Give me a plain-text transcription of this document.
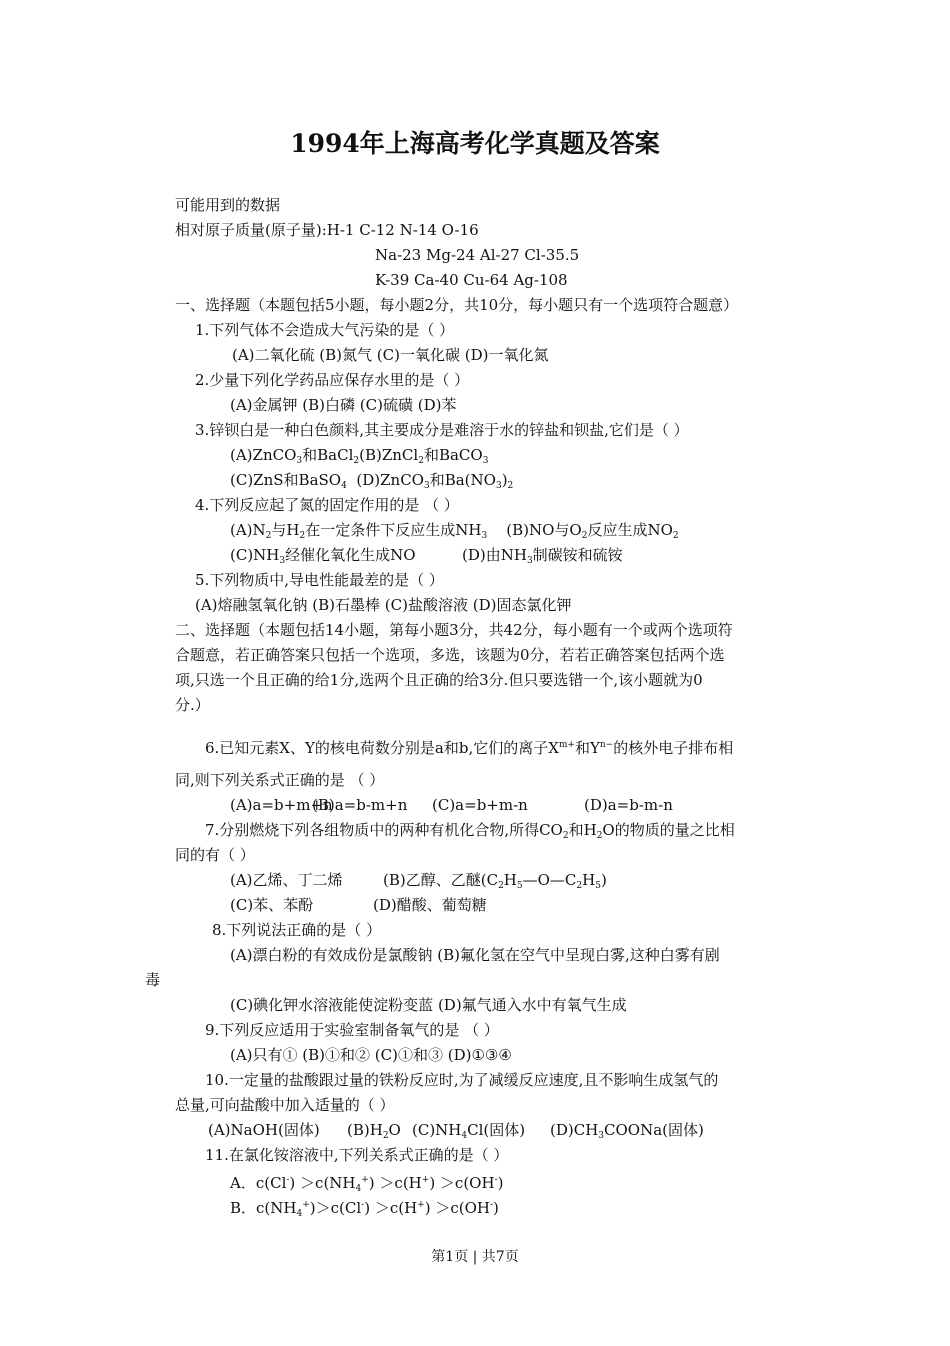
1994年上海高考化学真题及答案
可能用到的数据
相对原子质量(原子量):H-1 C-12 N-14 O-16
Na-23 Mg-24 Al-27 Cl-35.5
K-39 Ca-40 Cu-64 Ag-108
一、选择题（本题包括5小题，每小题2分，共10分，每小题只有一个选项符合题意）
1.下列气体不会造成大气污染的是（ ）
(A)二氧化硫 (B)氮气 (C)一氧化碳 (D)一氧化氮
2.少量下列化学药品应保存水里的是（ ）
(A)金属钾 (B)白磷 (C)硫磺 (D)苯
3.锌钡白是一种白色颜料,其主要成分是难溶于水的锌盐和钡盐,它们是（ ）
(A)ZnCO$_3$和BaCl$_2$(B)ZnCl$_2$和BaCO$_3$
(C)ZnS和BaSO$_4$ (D)ZnCO$_3$和$Ba(NO_3)_2$
4.下列反应起了氮的固定作用的是 （ ）
$(A)N_2$与$H_2$在一定条件下反应生成$NH_3$ (B)NO与$O_2$反应生成$NO_2$
$(C)NH_3$经催化氧化生成NO	(D)由$NH_3$制碳铵和硫铵
5.下列物质中,导电性能最差的是（ ）
(A)熔融氢氧化钠 (B)石墨棒 (C)盐酸溶液 (D)固态氯化钾
二、选择题（本题包括14小题，第每小题3分，共42分，每小题有一个或两个选项符
合题意，若正确答案只包括一个选项，多选，该题为0分，若若正确答案包括两个选
项,只选一个且正确的给1分,选两个且正确的给3分.但只要选错一个,该小题就为0
分.）
6.已知元素X、Y的核电荷数分别是a和b,它们的离子$X^{m+}$和$Y^{n-}$的核外电子排布相
同,则下列关系式正确的是 （ ）
(A)a=b+m+n
(B)a=b-m+n (C)a=b+m-n	(D)a=b-m-n
7.分别燃烧下列各组物质中的两种有机化合物,所得$CO_2$和$H_2O$的物质的量之比相
同的有（ ）
(A)乙烯、丁二烯	(B)乙醇、乙醚$(C_2H_5—O—C_2H_5)$
(C)苯、苯酚	(D)醋酸、葡萄糖
8.下列说法正确的是（ ）
(A)漂白粉的有效成份是氯酸钠 (B)氟化氢在空气中呈现白雾,这种白雾有剧
毒
(C)碘化钾水溶液能使淀粉变蓝 (D)氟气通入水中有氧气生成
9.下列反应适用于实验室制备氧气的是 （ ）
(A)只有① (B)①和② (C)①和③ (D)①③④
10.一定量的盐酸跟过量的铁粉反应时,为了减缓反应速度,且不影响生成氢气的
总量,可向盐酸中加入适量的（ ）
(A)NaOH(固体) $(B)H_2O$ $(C)NH_4Cl$(固体) $(D)CH_3COONa$(固体)
11.在氯化铵溶液中,下列关系式正确的是（ ）
A．$c(Cl^-) >c(NH_4^+) >c(H^+) >c(OH^-)$
B．$c(NH_4^+)>c(Cl^-) >c(H^+) >c(OH^-)$
第1页 | 共7页
